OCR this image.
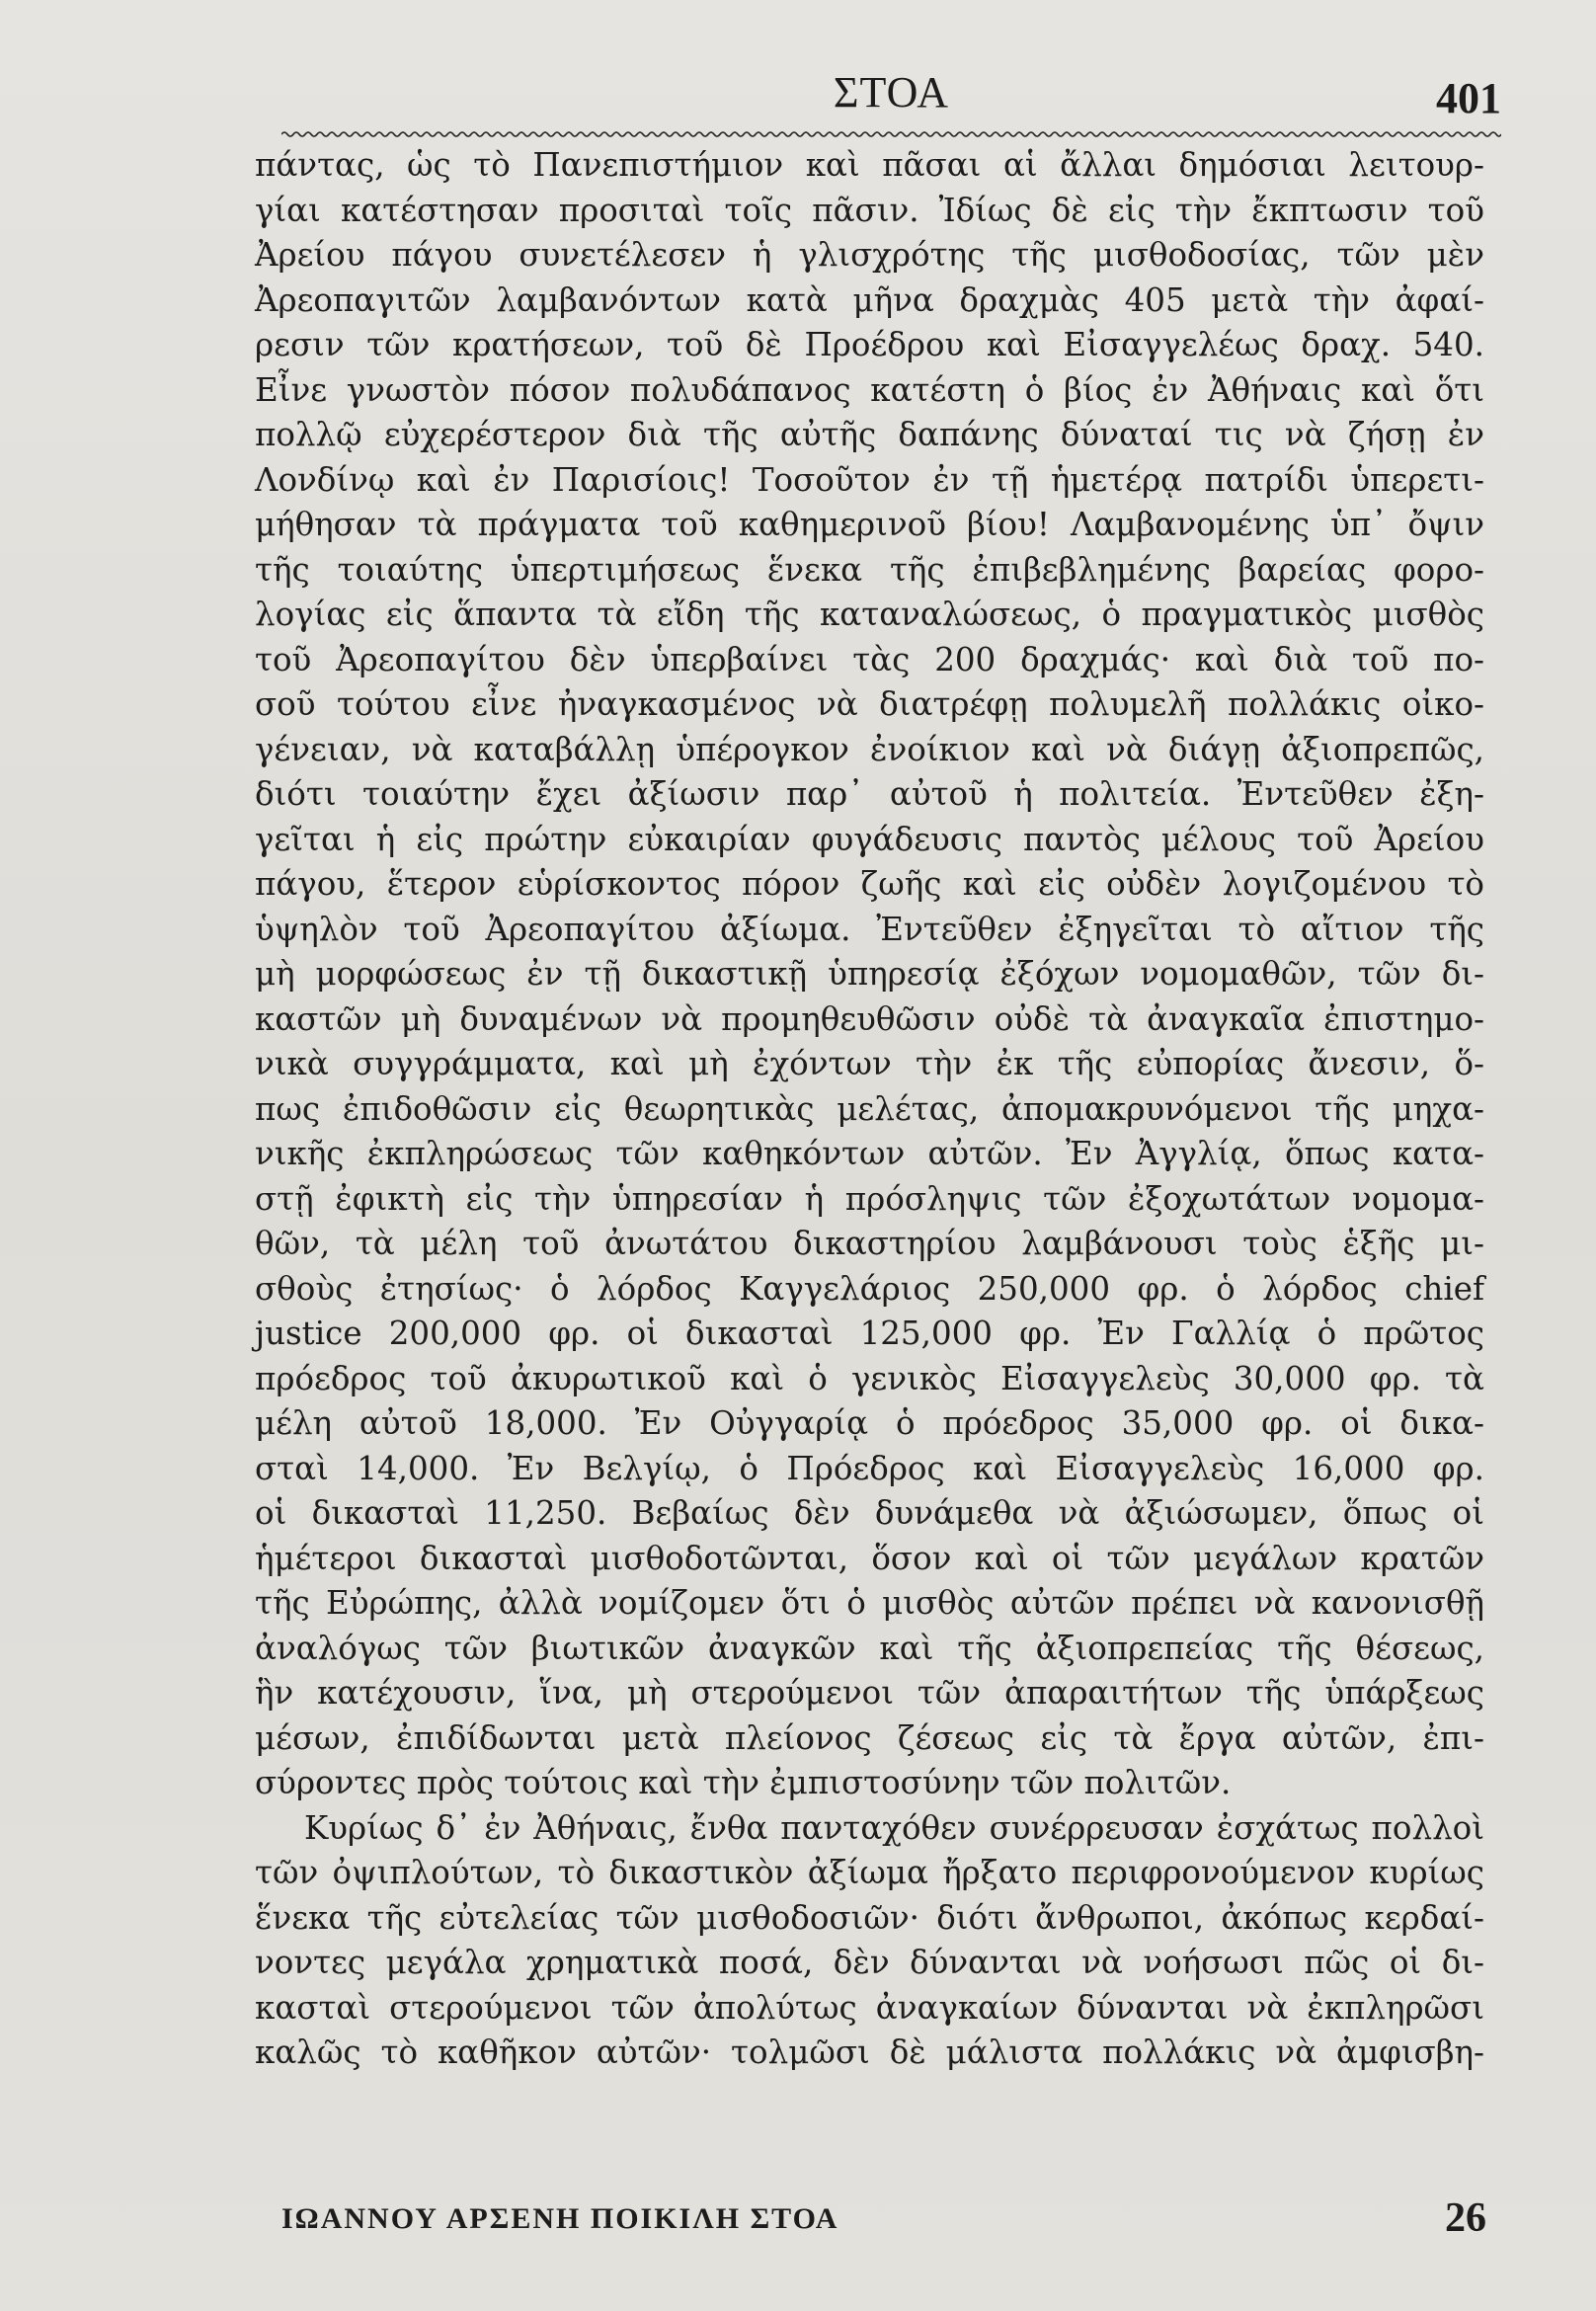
ΣΤΟΑ	401
πάντας, ὡς τὸ Πανεπιστήμιον καὶ πᾶσαι αἱ ἄλλαι δημόσιαι λειτουρ-
γίαι κατέστησαν προσιταὶ τοῖς πᾶσιν. Ἰδίως δὲ εἰς τὴν ἔκπτωσιν τοῦ
Ἀρείου πάγου συνετέλεσεν ἡ γλισχρότης τῆς μισθοδοσίας, τῶν μὲν
Ἀρεοπαγιτῶν λαμβανόντων κατὰ μῆνα δραχμὰς 405 μετὰ τὴν ἀφαί-
ρεσιν τῶν κρατήσεων, τοῦ δὲ Προέδρου καὶ Εἰσαγγελέως δραχ. 540.
Εἶνε γνωστὸν πόσον πολυδάπανος κατέστη ὁ βίος ἐν Ἀθήναις καὶ ὅτι
πολλῷ εὐχερέστερον διὰ τῆς αὐτῆς δαπάνης δύναταί τις νὰ ζήσῃ ἐν
Λονδίνῳ καὶ ἐν Παρισίοις! Τοσοῦτον ἐν τῇ ἡμετέρᾳ πατρίδι ὑπερετι-
μήθησαν τὰ πράγματα τοῦ καθημερινοῦ βίου! Λαμβανομένης ὑπ᾽ ὄψιν
τῆς τοιαύτης ὑπερτιμήσεως ἕνεκα τῆς ἐπιβεβλημένης βαρείας φορο-
λογίας εἰς ἅπαντα τὰ εἴδη τῆς καταναλώσεως, ὁ πραγματικὸς μισθὸς
τοῦ Ἀρεοπαγίτου δὲν ὑπερβαίνει τὰς 200 δραχμάς· καὶ διὰ τοῦ πο-
σοῦ τούτου εἶνε ἠναγκασμένος νὰ διατρέφῃ πολυμελῆ πολλάκις οἰκο-
γένειαν, νὰ καταβάλλῃ ὑπέρογκον ἐνοίκιον καὶ νὰ διάγῃ ἀξιοπρεπῶς,
διότι τοιαύτην ἔχει ἀξίωσιν παρ᾽ αὐτοῦ ἡ πολιτεία. Ἐντεῦθεν ἐξη-
γεῖται ἡ εἰς πρώτην εὐκαιρίαν φυγάδευσις παντὸς μέλους τοῦ Ἀρείου
πάγου, ἕτερον εὑρίσκοντος πόρον ζωῆς καὶ εἰς οὐδὲν λογιζομένου τὸ
ὑψηλὸν τοῦ Ἀρεοπαγίτου ἀξίωμα. Ἐντεῦθεν ἐξηγεῖται τὸ αἴτιον τῆς
μὴ μορφώσεως ἐν τῇ δικαστικῇ ὑπηρεσίᾳ ἐξόχων νομομαθῶν, τῶν δι-
καστῶν μὴ δυναμένων νὰ προμηθευθῶσιν οὐδὲ τὰ ἀναγκαῖα ἐπιστημο-
νικὰ συγγράμματα, καὶ μὴ ἐχόντων τὴν ἐκ τῆς εὐπορίας ἄνεσιν, ὅ-
πως ἐπιδοθῶσιν εἰς θεωρητικὰς μελέτας, ἀπομακρυνόμενοι τῆς μηχα-
νικῆς ἐκπληρώσεως τῶν καθηκόντων αὐτῶν. Ἐν Ἀγγλίᾳ, ὅπως κατα-
στῇ ἐφικτὴ εἰς τὴν ὑπηρεσίαν ἡ πρόσληψις τῶν ἐξοχωτάτων νομομα-
θῶν, τὰ μέλη τοῦ ἀνωτάτου δικαστηρίου λαμβάνουσι τοὺς ἑξῆς μι-
σθοὺς ἐτησίως· ὁ λόρδος Καγγελάριος 250,000 φρ. ὁ λόρδος chief
justice 200,000 φρ. οἱ δικασταὶ 125,000 φρ. Ἐν Γαλλίᾳ ὁ πρῶτος
πρόεδρος τοῦ ἀκυρωτικοῦ καὶ ὁ γενικὸς Εἰσαγγελεὺς 30,000 φρ. τὰ
μέλη αὐτοῦ 18,000. Ἐν Οὐγγαρίᾳ ὁ πρόεδρος 35,000 φρ. οἱ δικα-
σταὶ 14,000. Ἐν Βελγίῳ, ὁ Πρόεδρος καὶ Εἰσαγγελεὺς 16,000 φρ.
οἱ δικασταὶ 11,250. Βεβαίως δὲν δυνάμεθα νὰ ἀξιώσωμεν, ὅπως οἱ
ἡμέτεροι δικασταὶ μισθοδοτῶνται, ὅσον καὶ οἱ τῶν μεγάλων κρατῶν
τῆς Εὐρώπης, ἀλλὰ νομίζομεν ὅτι ὁ μισθὸς αὐτῶν πρέπει νὰ κανονισθῇ
ἀναλόγως τῶν βιωτικῶν ἀναγκῶν καὶ τῆς ἀξιοπρεπείας τῆς θέσεως,
ἣν κατέχουσιν, ἵνα, μὴ στερούμενοι τῶν ἀπαραιτήτων τῆς ὑπάρξεως
μέσων, ἐπιδίδωνται μετὰ πλείονος ζέσεως εἰς τὰ ἔργα αὐτῶν, ἐπι-
σύροντες πρὸς τούτοις καὶ τὴν ἐμπιστοσύνην τῶν πολιτῶν.
Κυρίως δ᾽ ἐν Ἀθήναις, ἔνθα πανταχόθεν συνέρρευσαν ἐσχάτως πολλοὶ
τῶν ὀψιπλούτων, τὸ δικαστικὸν ἀξίωμα ἤρξατο περιφρονούμενον κυρίως
ἕνεκα τῆς εὐτελείας τῶν μισθοδοσιῶν· διότι ἄνθρωποι, ἀκόπως κερδαί-
νοντες μεγάλα χρηματικὰ ποσά, δὲν δύνανται νὰ νοήσωσι πῶς οἱ δι-
κασταὶ στερούμενοι τῶν ἀπολύτως ἀναγκαίων δύνανται νὰ ἐκπληρῶσι
καλῶς τὸ καθῆκον αὐτῶν· τολμῶσι δὲ μάλιστα πολλάκις νὰ ἀμφισβη-
ΙΩΑΝΝΟΥ ΑΡΣΕΝΗ ΠΟΙΚΙΛΗ ΣΤΟΑ	26
